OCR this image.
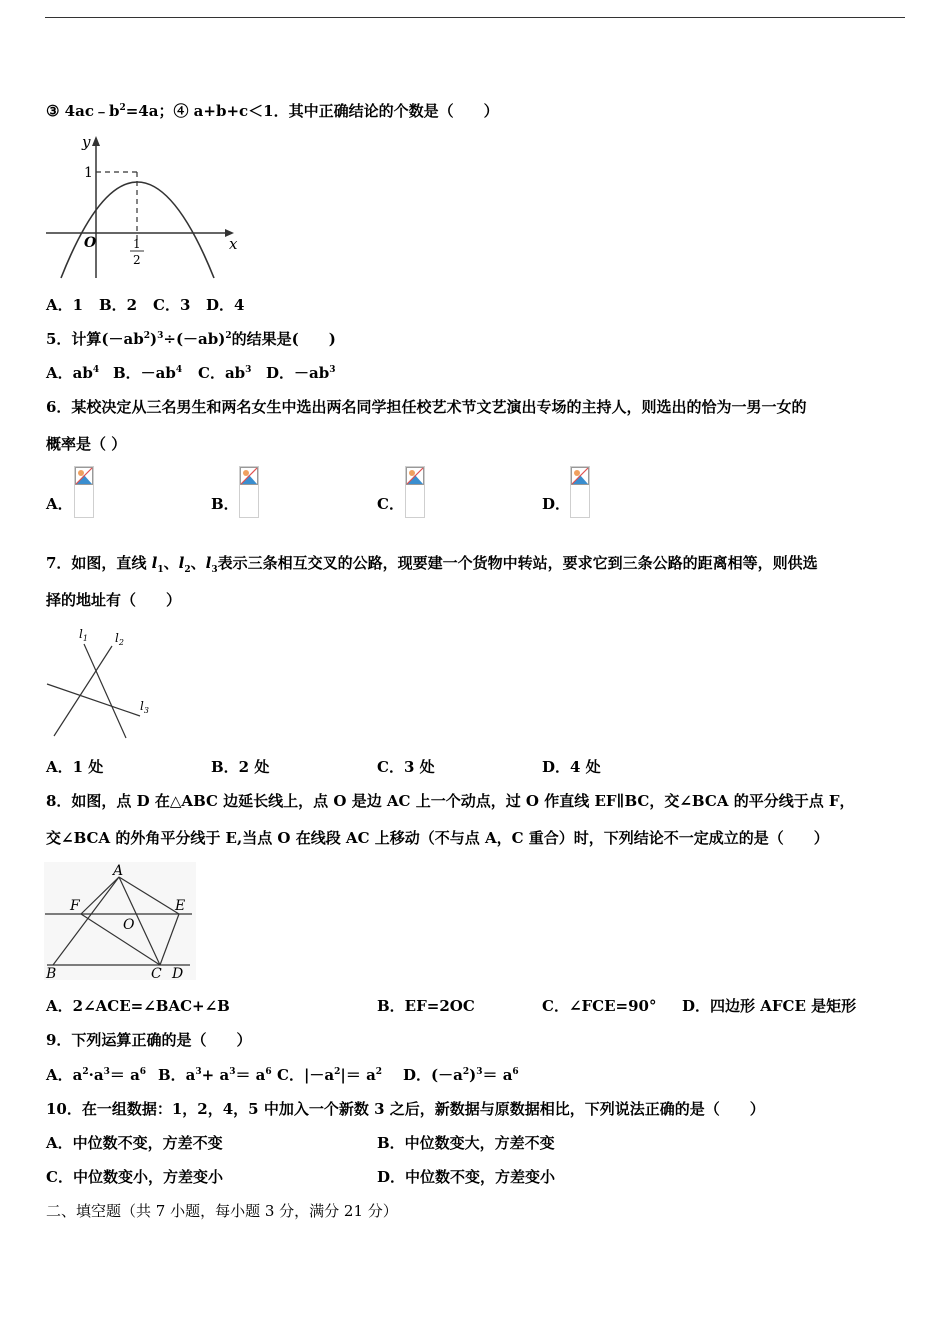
③ $4ac﹣b^2=4a$；④ a+b+c＜1．其中正确结论的个数是（　　）
y
1
O	1
2
x
A．1 B．2 C．3 D．4
5．计算$(-ab^2)^3\div(-ab)^2$的结果是(　　)
A．$ab^4$ B．$-ab^4$ C．$ab^3$ D．$-ab^3$
6．某校决定从三名男生和两名女生中选出两名同学担任校艺术节文艺演出专场的主持人，则选出的恰为一男一女的
概率是（ ）
A．	B．	C．	D．
7．如图，直线 $l_1$、$l_2$、$l_3$表示三条相互交叉的公路，现要建一个货物中转站，要求它到三条公路的距离相等，则供选
择的地址有（　　）
$l_1$ $l_2$
$l_3$
A．1 处	B．2 处	C．3 处	D．4 处
8．如图，点 D 在△ABC 边延长线上，点 O 是边 AC 上一个动点，过 O 作直线 EF∥BC，交∠BCA 的平分线于点 F，
交∠BCA 的外角平分线于 E,当点 O 在线段 AC 上移动（不与点 A，C 重合）时，下列结论不一定成立的是（　　）
A
F	E
O
B	C D
A．2∠ACE=∠BAC+∠B	B．EF=2OC	C．∠FCE=90° D．四边形 AFCE 是矩形
9．下列运算正确的是（　　）
A．$a^2\cdot a^3= a^6$ B．$a^3+ a^3= a^6$ C．$|-a^2|= a^2$ D．$(-a^2)^3= a^6$
10．在一组数据：1，2，4，5 中加入一个新数 3 之后，新数据与原数据相比，下列说法正确的是（　　）
A．中位数不变，方差不变	B．中位数变大，方差不变
C．中位数变小，方差变小	D．中位数不变，方差变小
二、填空题（共 7 小题，每小题 3 分，满分 21 分）
